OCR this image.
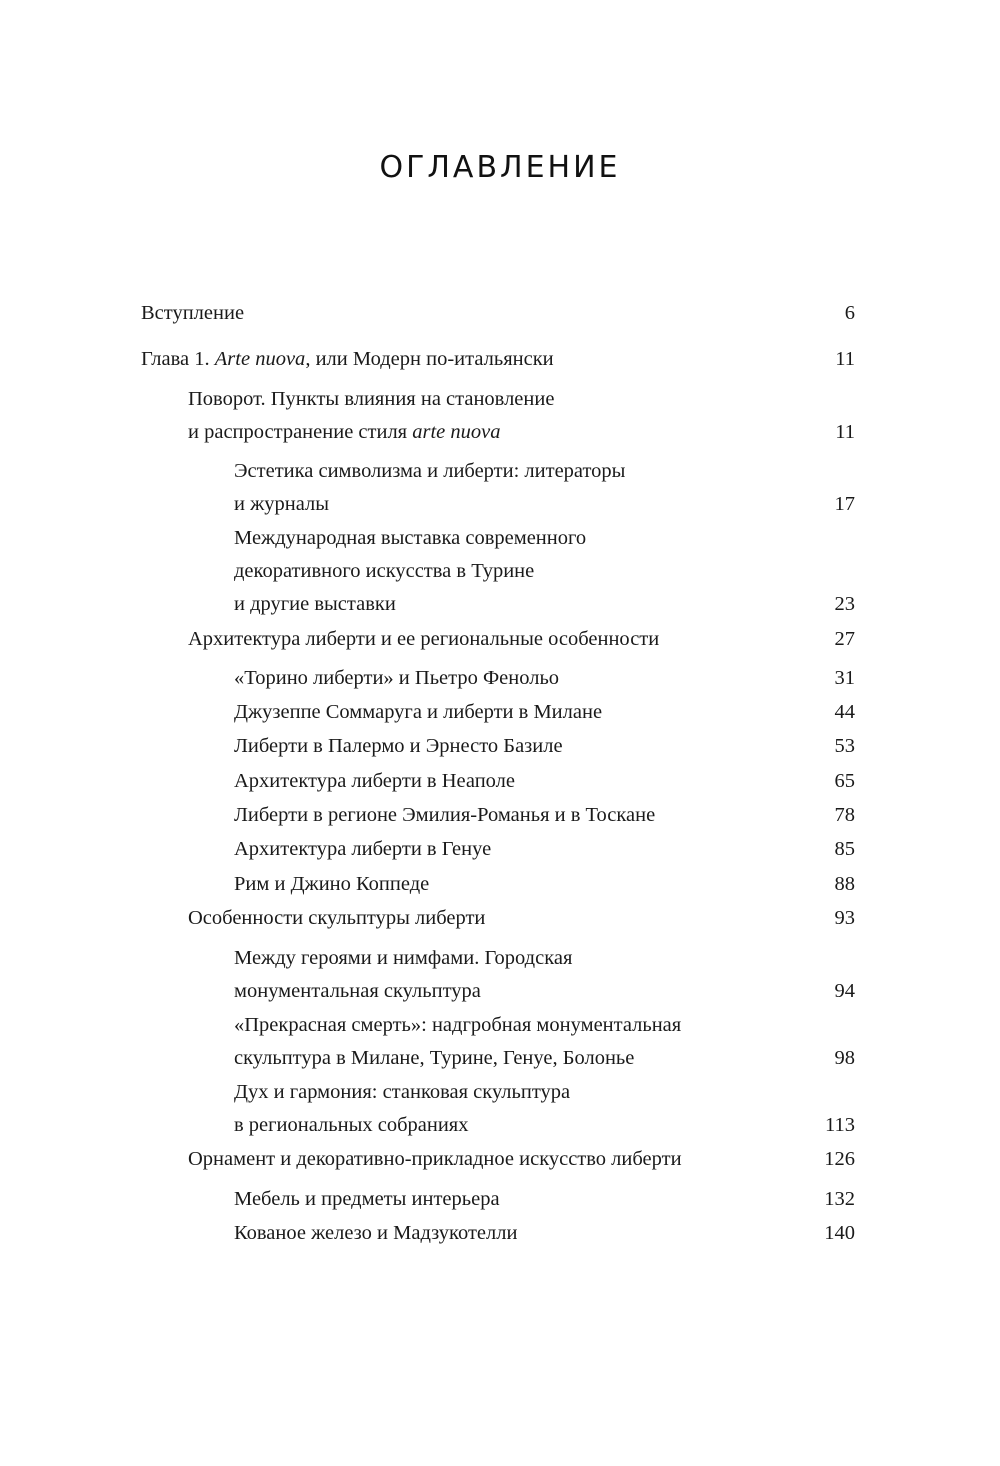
ОГЛАВЛЕНИЕ
Вступление	6
Глава 1. Arte nuova, или Модерн по-итальянски	11
Поворот. Пункты влияния на становление
и распространение стиля arte nuova	11
Эстетика символизма и либерти: литераторы
и журналы	17
Международная выставка современного
декоративного искусства в Турине
и другие выставки	23
Архитектура либерти и ее региональные особенности	27
«Торино либерти» и Пьетро Фенольо	31
Джузеппе Соммаруга и либерти в Милане	44
Либерти в Палермо и Эрнесто Базиле	53
Архитектура либерти в Неаполе	65
Либерти в регионе Эмилия-Романья и в Тоскане	78
Архитектура либерти в Генуе	85
Рим и Джино Коппеде	88
Особенности скульптуры либерти	93
Между героями и нимфами. Городская
монументальная скульптура	94
«Прекрасная смерть»: надгробная монументальная
скульптура в Милане, Турине, Генуе, Болонье	98
Дух и гармония: станковая скульптура
в региональных собраниях	113
Орнамент и декоративно-прикладное искусство либерти	126
Мебель и предметы интерьера	132
Кованое железо и Мадзукотелли	140
